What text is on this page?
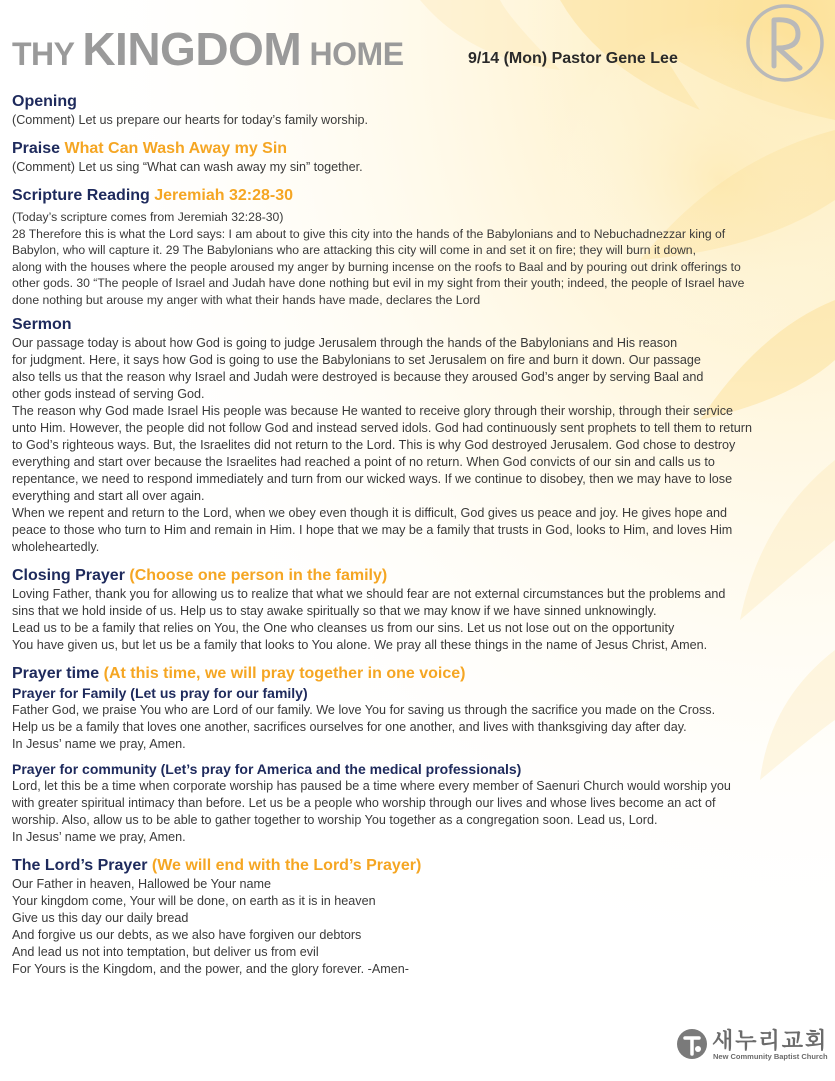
THY KINGDOM HOME	9/14 (Mon) Pastor Gene Lee
Opening

(Comment) Let us prepare our hearts for today’s family worship.

Praise What Can Wash Away my Sin

(Comment) Let us sing “What can wash away my sin” together.

Scripture Reading Jeremiah 32:28-30

(Today’s scripture comes from Jeremiah 32:28-30)

28 Therefore this is what the Lord says: I am about to give this city into the hands of the Babylonians and to Nebuchadnezzar king of

Babylon, who will capture it. 29 The Babylonians who are attacking this city will come in and set it on fire; they will burn it down,

along with the houses where the people aroused my anger by burning incense on the roofs to Baal and by pouring out drink offerings to

other gods. 30 “The people of Israel and Judah have done nothing but evil in my sight from their youth; indeed, the people of Israel have

done nothing but arouse my anger with what their hands have made, declares the Lord

Sermon

Our passage today is about how God is going to judge Jerusalem through the hands of the Babylonians and His reason

for judgment. Here, it says how God is going to use the Babylonians to set Jerusalem on fire and burn it down. Our passage

also tells us that the reason why Israel and Judah were destroyed is because they aroused God’s anger by serving Baal and

other gods instead of serving God.

The reason why God made Israel His people was because He wanted to receive glory through their worship, through their service

unto Him. However, the people did not follow God and instead served idols. God had continuously sent prophets to tell them to return

to God’s righteous ways. But, the Israelites did not return to the Lord. This is why God destroyed Jerusalem. God chose to destroy

everything and start over because the Israelites had reached a point of no return. When God convicts of our sin and calls us to

repentance, we need to respond immediately and turn from our wicked ways. If we continue to disobey, then we may have to lose

everything and start all over again.

When we repent and return to the Lord, when we obey even though it is difficult, God gives us peace and joy. He gives hope and

peace to those who turn to Him and remain in Him. I hope that we may be a family that trusts in God, looks to Him, and loves Him

wholeheartedly.

Closing Prayer (Choose one person in the family)

Loving Father, thank you for allowing us to realize that what we should fear are not external circumstances but the problems and

sins that we hold inside of us. Help us to stay awake spiritually so that we may know if we have sinned unknowingly.

Lead us to be a family that relies on You, the One who cleanses us from our sins. Let us not lose out on the opportunity

You have given us, but let us be a family that looks to You alone. We pray all these things in the name of Jesus Christ, Amen.

Prayer time (At this time, we will pray together in one voice)
Prayer for Family (Let us pray for our family)

Father God, we praise You who are Lord of our family. We love You for saving us through the sacrifice you made on the Cross.

Help us be a family that loves one another, sacrifices ourselves for one another, and lives with thanksgiving day after day.

In Jesus’ name we pray, Amen.

Prayer for community (Let’s pray for America and the medical professionals)

Lord, let this be a time when corporate worship has paused be a time where every member of Saenuri Church would worship you

with greater spiritual intimacy than before. Let us be a people who worship through our lives and whose lives become an act of

worship. Also, allow us to be able to gather together to worship You together as a congregation soon. Lead us, Lord.

In Jesus’ name we pray, Amen.

The Lord’s Prayer (We will end with the Lord’s Prayer)

Our Father in heaven, Hallowed be Your name

Your kingdom come, Your will be done, on earth as it is in heaven

Give us this day our daily bread

And forgive us our debts, as we also have forgiven our debtors

And lead us not into temptation, but deliver us from evil

For Yours is the Kingdom, and the power, and the glory forever. -Amen-

새누리교회
New Community Baptist Church
